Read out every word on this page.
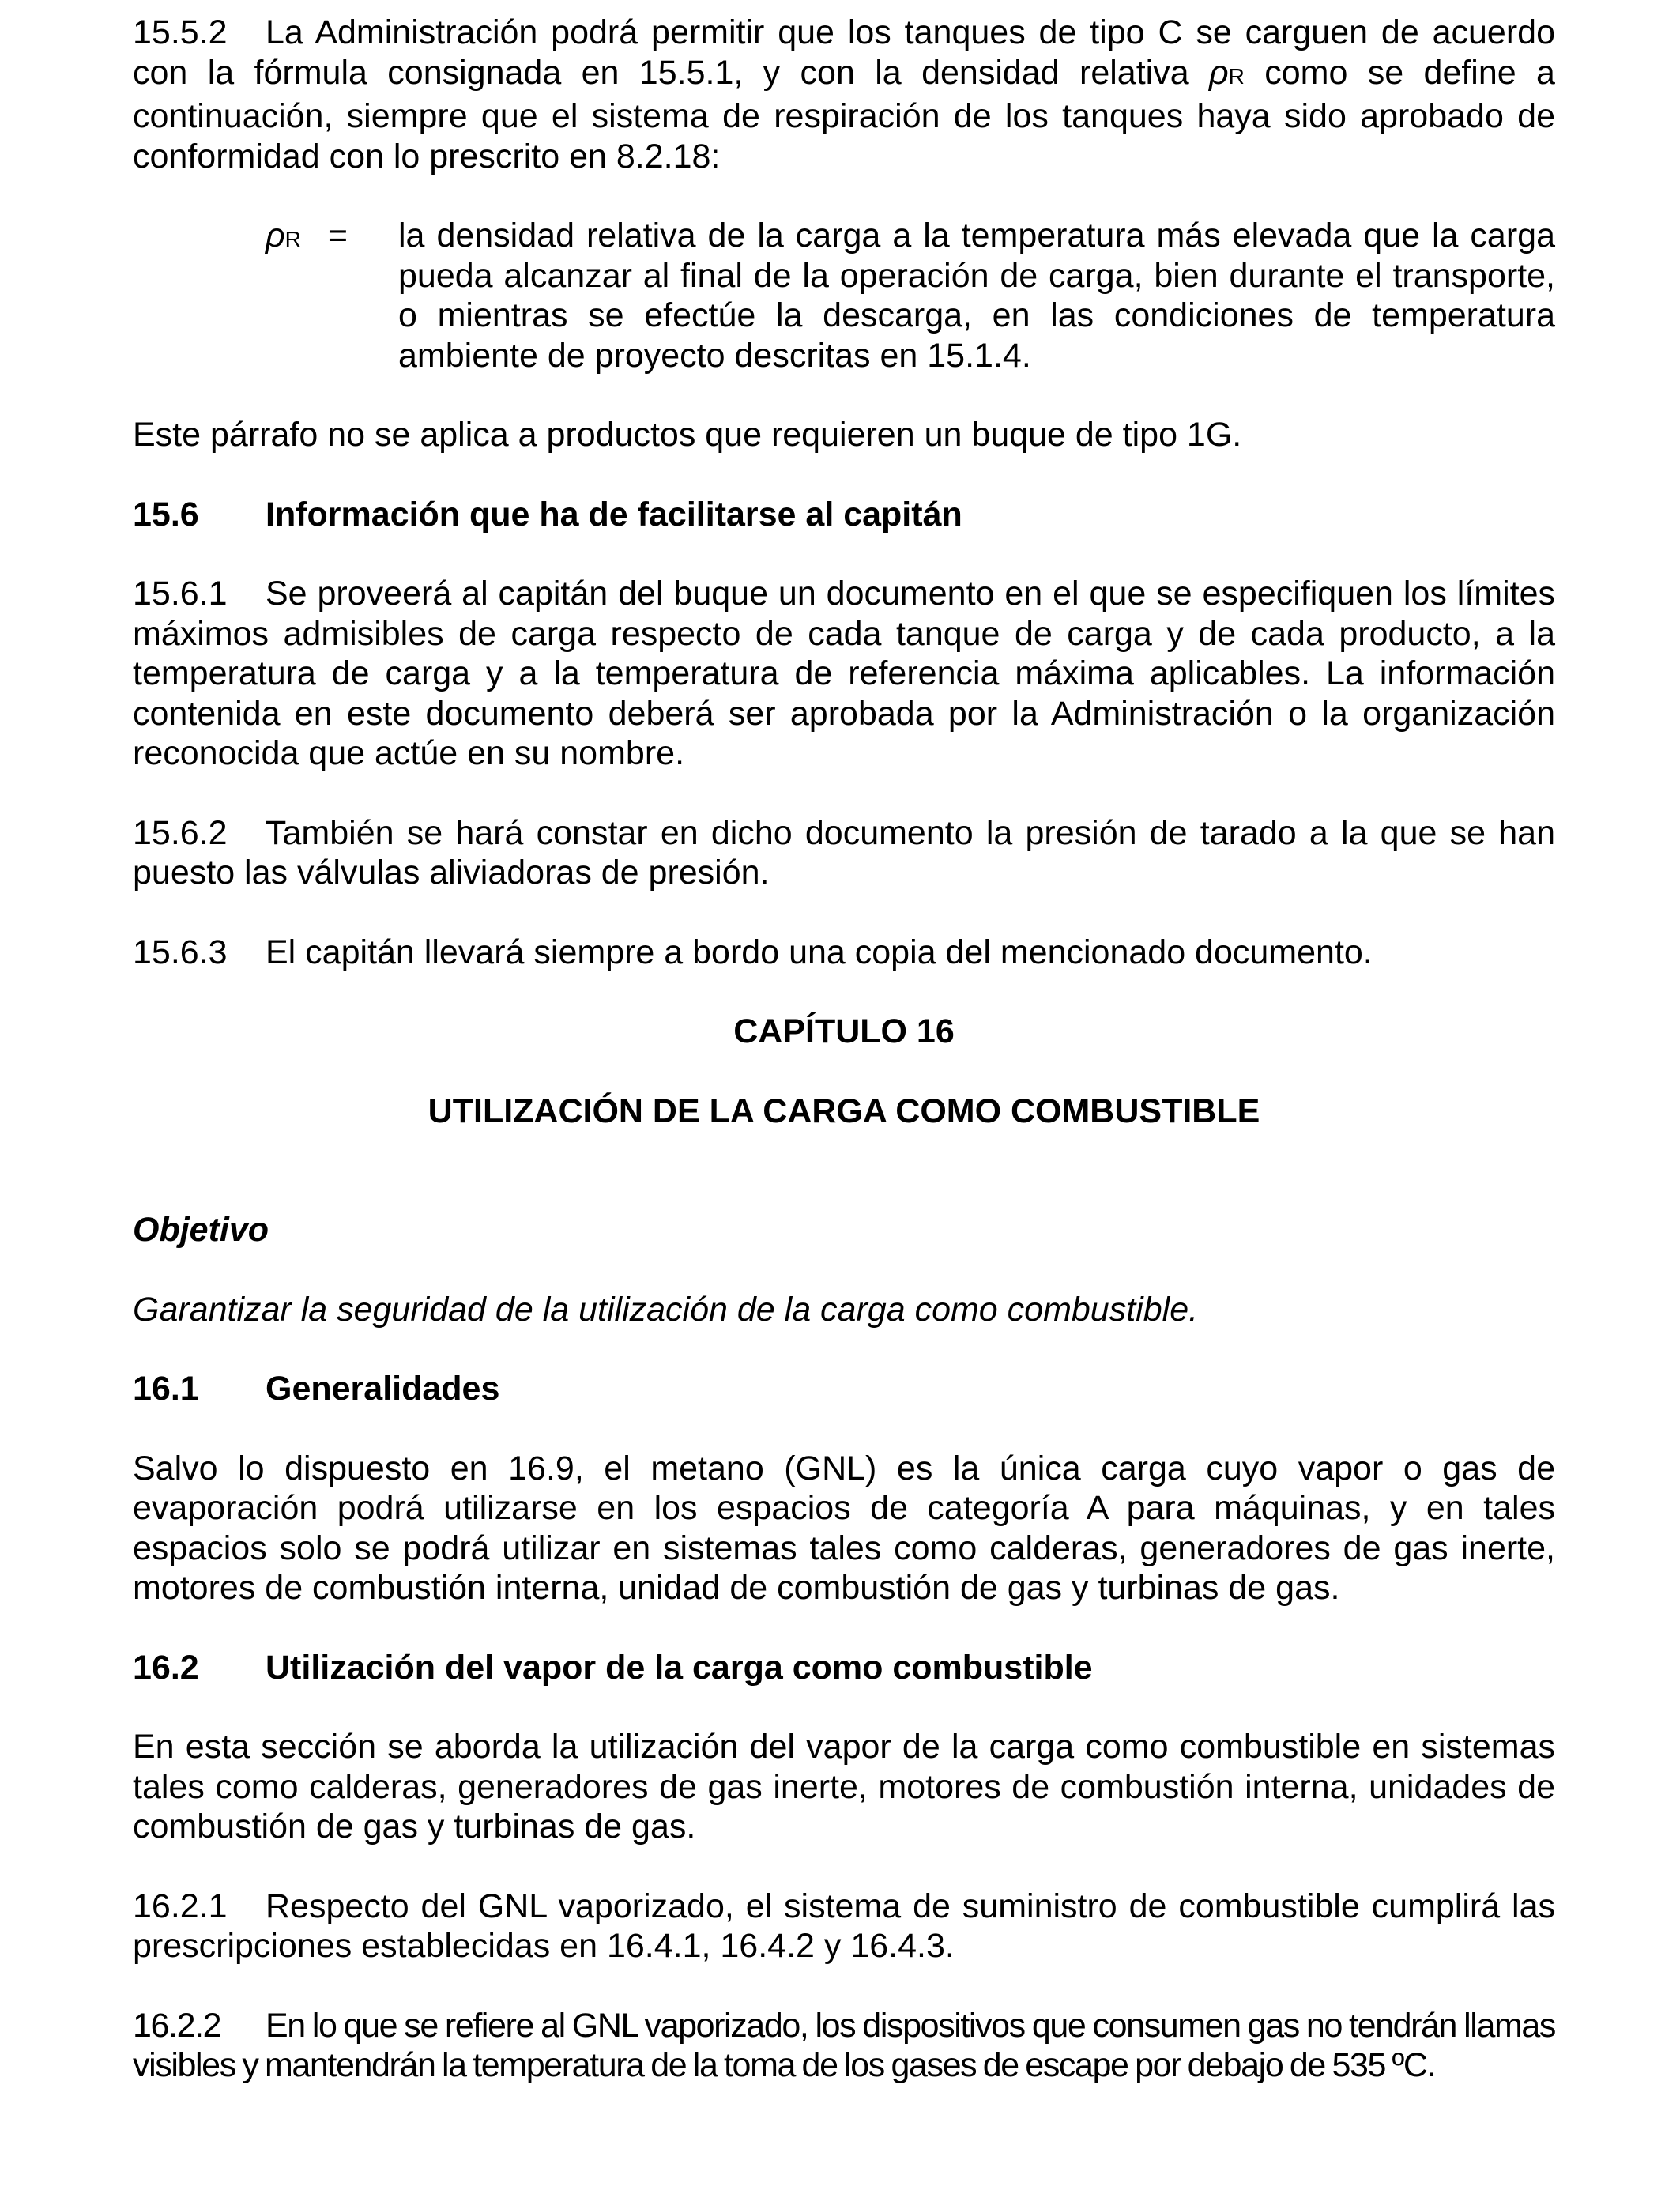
15.5.2 La Administración podrá permitir que los tanques de tipo C se carguen de acuerdo con la fórmula consignada en 15.5.1, y con la densidad relativa ρR como se define a continuación, siempre que el sistema de respiración de los tanques haya sido aprobado de conformidad con lo prescrito en 8.2.18:

ρR =	la densidad relativa de la carga a la temperatura más elevada que la carga pueda alcanzar al final de la operación de carga, bien durante el transporte, o mientras se efectúe la descarga, en las condiciones de temperatura ambiente de proyecto descritas en 15.1.4.

Este párrafo no se aplica a productos que requieren un buque de tipo 1G.

15.6 Información que ha de facilitarse al capitán

15.6.1 Se proveerá al capitán del buque un documento en el que se especifiquen los límites máximos admisibles de carga respecto de cada tanque de carga y de cada producto, a la temperatura de carga y a la temperatura de referencia máxima aplicables. La información contenida en este documento deberá ser aprobada por la Administración o la organización reconocida que actúe en su nombre.

15.6.2 También se hará constar en dicho documento la presión de tarado a la que se han puesto las válvulas aliviadoras de presión.

15.6.3 El capitán llevará siempre a bordo una copia del mencionado documento.

CAPÍTULO 16

UTILIZACIÓN DE LA CARGA COMO COMBUSTIBLE

Objetivo

Garantizar la seguridad de la utilización de la carga como combustible.

16.1 Generalidades

Salvo lo dispuesto en 16.9, el metano (GNL) es la única carga cuyo vapor o gas de evaporación podrá utilizarse en los espacios de categoría A para máquinas, y en tales espacios solo se podrá utilizar en sistemas tales como calderas, generadores de gas inerte, motores de combustión interna, unidad de combustión de gas y turbinas de gas.

16.2 Utilización del vapor de la carga como combustible

En esta sección se aborda la utilización del vapor de la carga como combustible en sistemas tales como calderas, generadores de gas inerte, motores de combustión interna, unidades de combustión de gas y turbinas de gas.

16.2.1 Respecto del GNL vaporizado, el sistema de suministro de combustible cumplirá las prescripciones establecidas en 16.4.1, 16.4.2 y 16.4.3.

16.2.2 En lo que se refiere al GNL vaporizado, los dispositivos que consumen gas no tendrán llamas visibles y mantendrán la temperatura de la toma de los gases de escape por debajo de 535 ºC.
